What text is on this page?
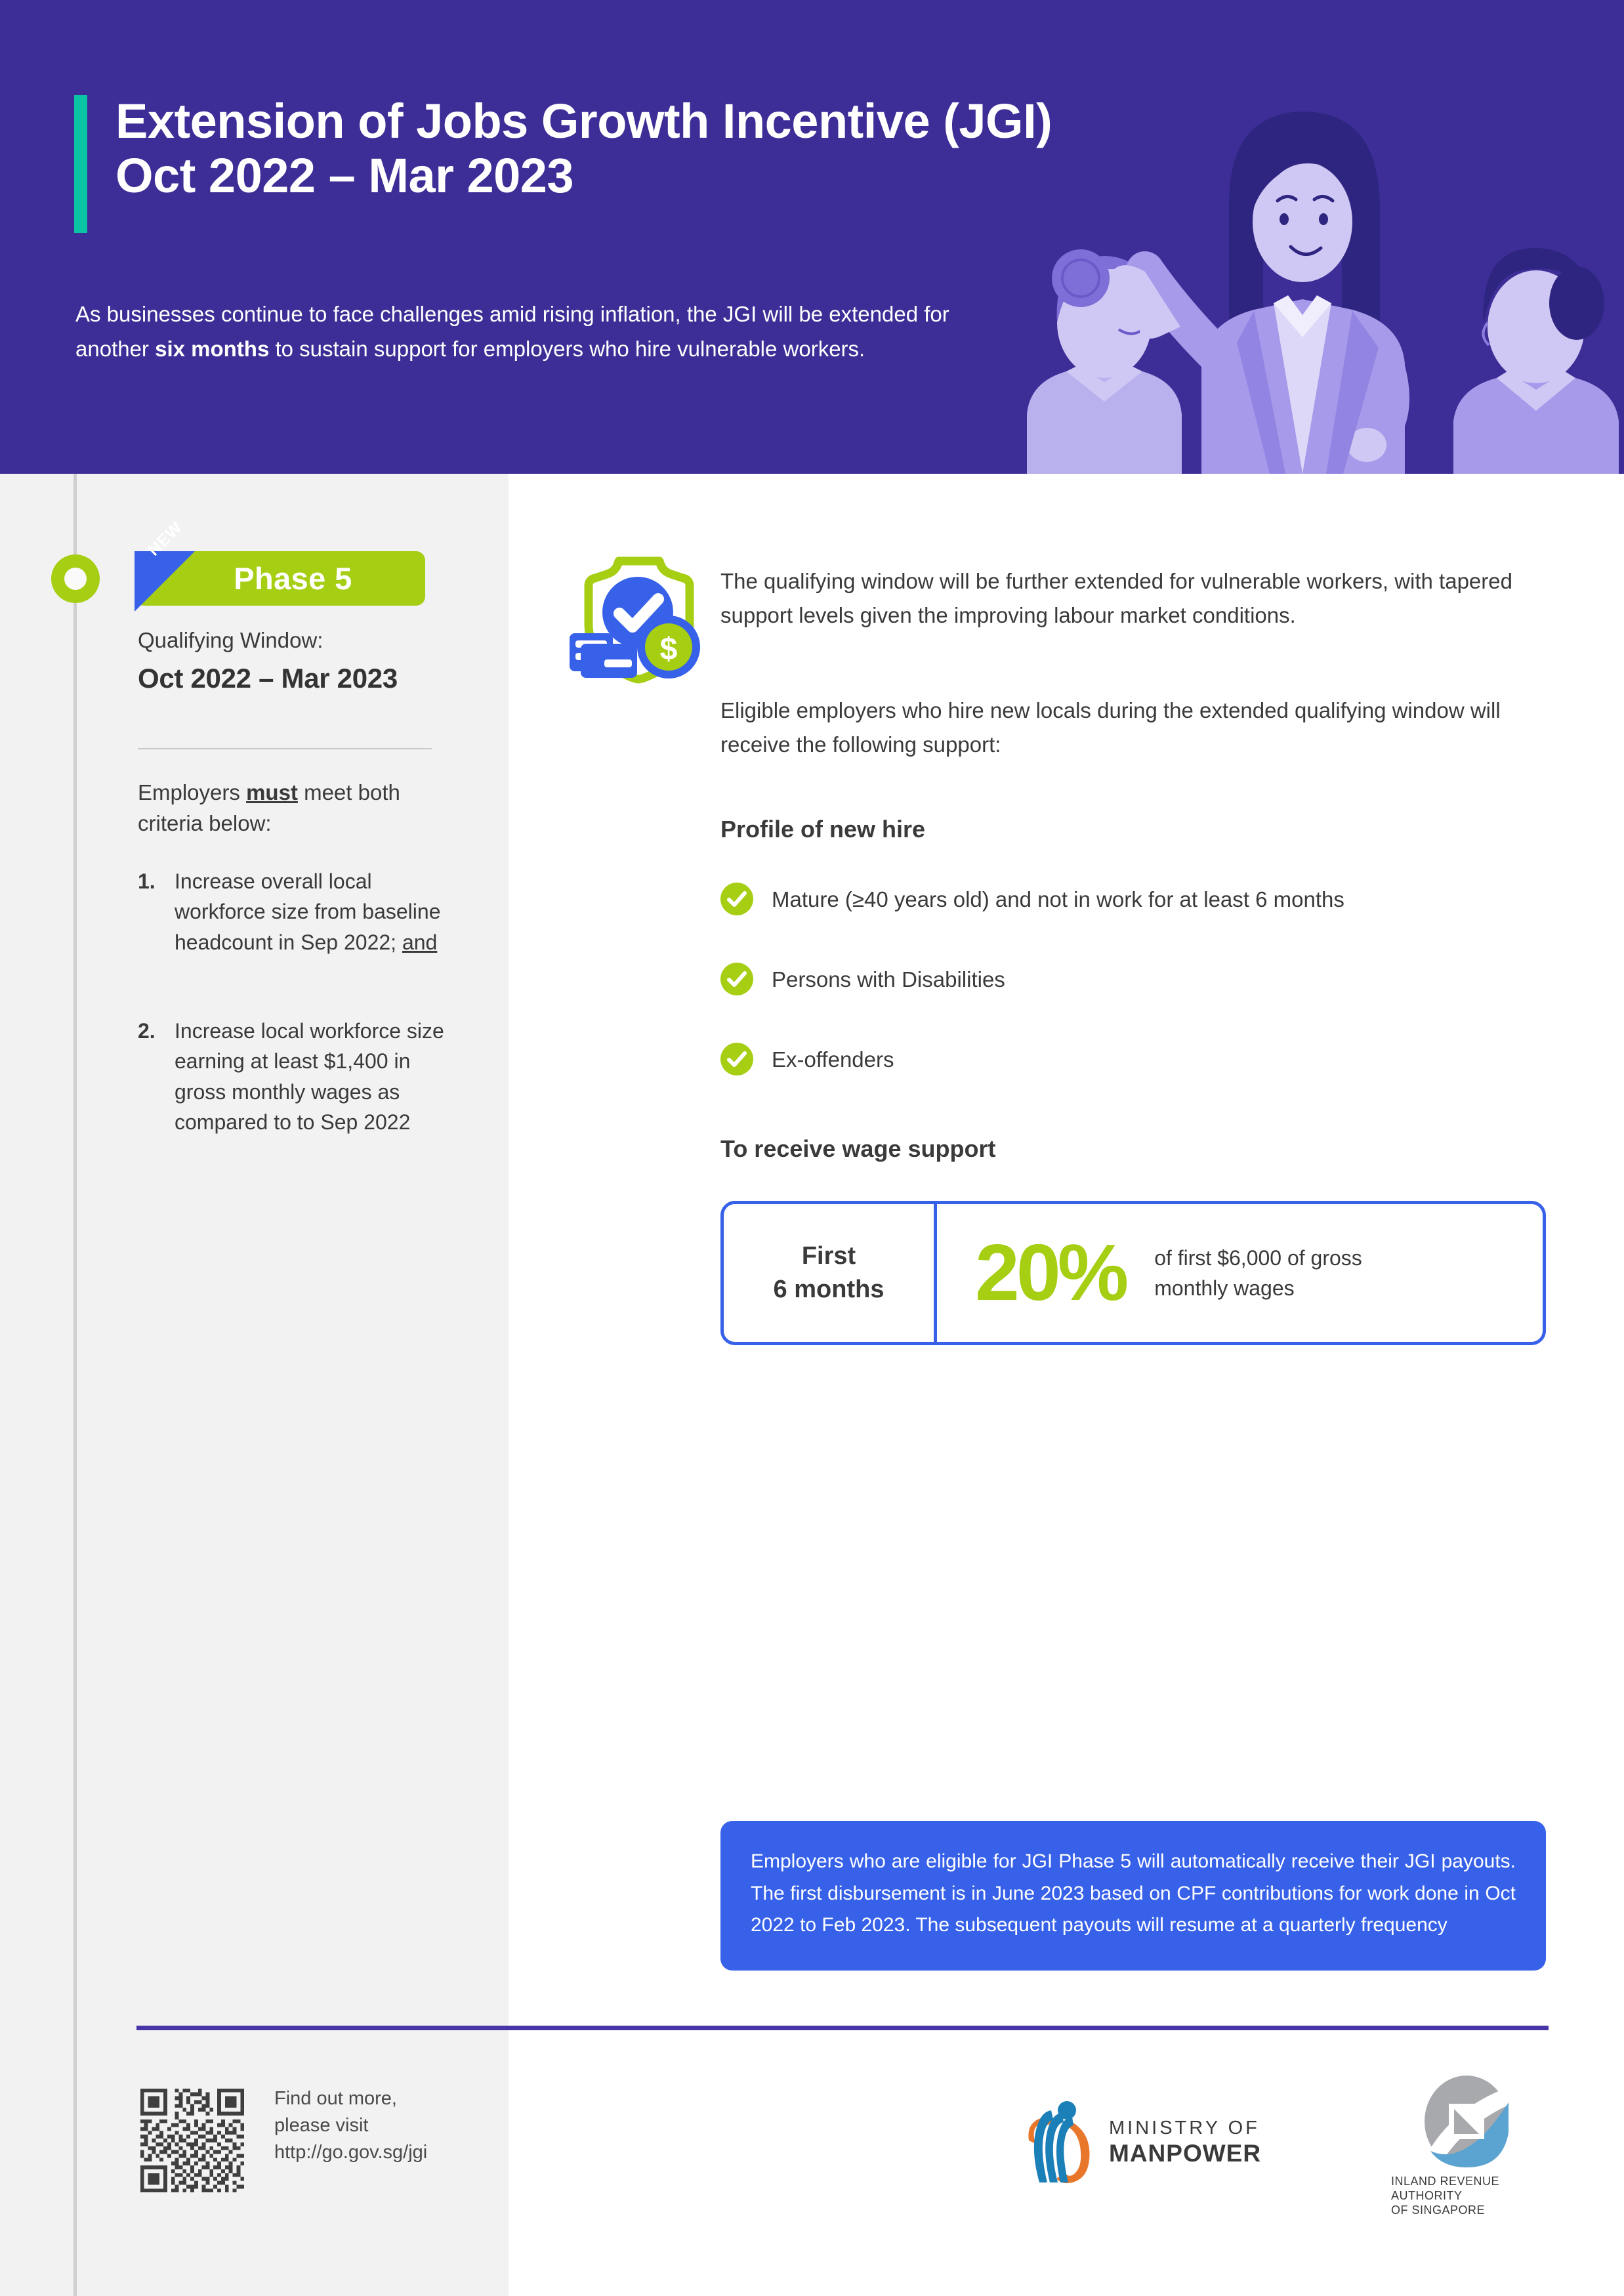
Extension of Jobs Growth Incentive (JGI)
Oct 2022 – Mar 2023
As businesses continue to face challenges amid rising inflation, the JGI will be extended for another six months to sustain support for employers who hire vulnerable workers.
Phase 5
NEW
Qualifying Window:
Oct 2022 – Mar 2023
Employers must meet both criteria below:
1. Increase overall local workforce size from baseline headcount in Sep 2022; and
2. Increase local workforce size earning at least $1,400 in gross monthly wages as compared to to Sep 2022
$
The qualifying window will be further extended for vulnerable workers, with tapered support levels given the improving labour market conditions.
Eligible employers who hire new locals during the extended qualifying window will receive the following support:
Profile of new hire
Mature (≥40 years old) and not in work for at least 6 months
Persons with Disabilities
Ex-offenders
To receive wage support
First
6 months 20% of first $6,000 of gross monthly wages

Employers who are eligible for JGI Phase 5 will automatically receive their JGI payouts. The first disbursement is in June 2023 based on CPF contributions for work done in Oct 2022 to Feb 2023. The subsequent payouts will resume at a quarterly frequency

Find out more,
please visit
http://go.gov.sg/jgi
MINISTRY OF
MANPOWER
INLAND REVENUE
AUTHORITY
OF SINGAPORE
